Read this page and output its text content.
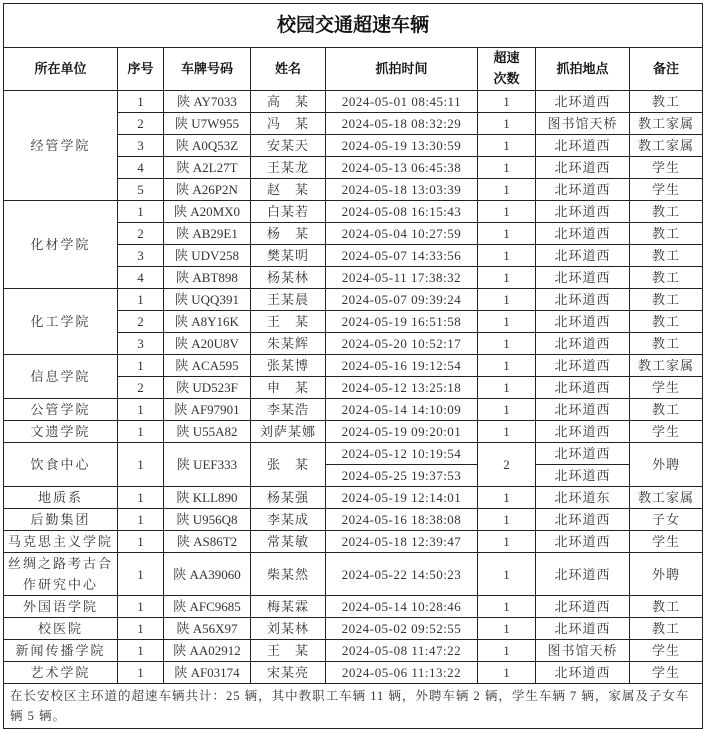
校园交通超速车辆							
所在单位	序号	车牌号码	姓名	抓拍时间	超速次数	抓拍地点	备注
经管学院	1	陕 AY7033	高　某	2024-05-01 08:45:11	1	北环道西	教工
	2	陕 U7W955	冯　某	2024-05-18 08:32:29	1	图书馆天桥	教工家属
	3	陕 A0Q53Z	安某天	2024-05-19 13:30:59	1	北环道西	教工家属
	4	陕 A2L27T	王某龙	2024-05-13 06:45:38	1	北环道西	学生
	5	陕 A26P2N	赵　某	2024-05-18 13:03:39	1	北环道西	学生
化材学院	1	陕 A20MX0	白某若	2024-05-08 16:15:43	1	北环道西	教工
	2	陕 AB29E1	杨　某	2024-05-04 10:27:59	1	北环道西	教工
	3	陕 UDV258	樊某明	2024-05-07 14:33:56	1	北环道西	教工
	4	陕 ABT898	杨某林	2024-05-11 17:38:32	1	北环道西	教工
化工学院	1	陕 UQQ391	王某晨	2024-05-07 09:39:24	1	北环道西	教工
	2	陕 A8Y16K	王　某	2024-05-19 16:51:58	1	北环道西	教工
	3	陕 A20U8V	朱某辉	2024-05-20 10:52:17	1	北环道西	教工
信息学院	1	陕 ACA595	张某博	2024-05-16 19:12:54	1	北环道西	教工家属
	2	陕 UD523F	申　某	2024-05-12 13:25:18	1	北环道西	学生
公管学院	1	陕 AF97901	李某浩	2024-05-14 14:10:09	1	北环道西	教工
文遗学院	1	陕 U55A82	刘萨某娜	2024-05-19 09:20:01	1	北环道西	学生
饮食中心	1	陕 UEF333	张　某	2024-05-12 10:19:54	2	北环道西	外聘
				2024-05-25 19:37:53		北环道西	
地质系	1	陕 KLL890	杨某强	2024-05-19 12:14:01	1	北环道东	教工家属
后勤集团	1	陕 U956Q8	李某成	2024-05-16 18:38:08	1	北环道西	子女
马克思主义学院	1	陕 AS86T2	常某敏	2024-05-18 12:39:47	1	北环道西	学生
丝绸之路考古合作研究中心	1	陕 AA39060	柴某然	2024-05-22 14:50:23	1	北环道西	外聘
外国语学院	1	陕 AFC9685	梅某霖	2024-05-14 10:28:46	1	北环道西	教工
校医院	1	陕 A56X97	刘某林	2024-05-02 09:52:55	1	北环道西	教工
新闻传播学院	1	陕 AA02912	王　某	2024-05-08 11:47:22	1	图书馆天桥	学生
艺术学院	1	陕 AF03174	宋某亮	2024-05-06 11:13:22	1	北环道西	学生
在长安校区主环道的超速车辆共计：25 辆，其中教职工车辆 11 辆，外聘车辆 2 辆，学生车辆 7 辆，家属及子女车辆 5 辆。							
